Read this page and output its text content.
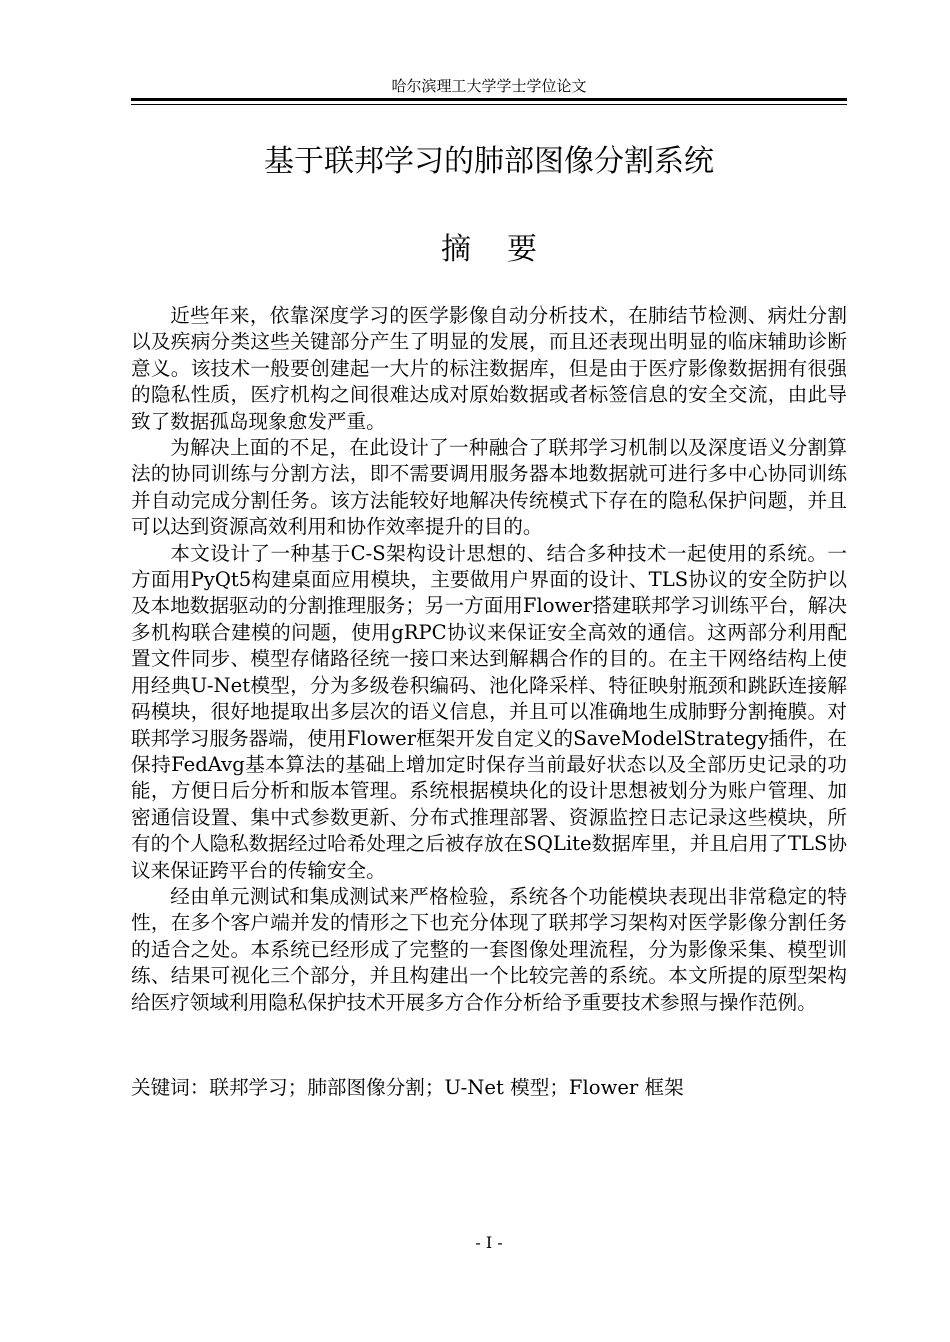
哈尔滨理工大学学士学位论文
基于联邦学习的肺部图像分割系统
摘要

近些年来，依靠深度学习的医学影像自动分析技术，在肺结节检测、病灶分割以及疾病分类这些关键部分产生了明显的发展，而且还表现出明显的临床辅助诊断意义。该技术一般要创建起一大片的标注数据库，但是由于医疗影像数据拥有很强的隐私性质，医疗机构之间很难达成对原始数据或者标签信息的安全交流，由此导致了数据孤岛现象愈发严重。

为解决上面的不足，在此设计了一种融合了联邦学习机制以及深度语义分割算法的协同训练与分割方法，即不需要调用服务器本地数据就可进行多中心协同训练并自动完成分割任务。该方法能较好地解决传统模式下存在的隐私保护问题，并且可以达到资源高效利用和协作效率提升的目的。

本文设计了一种基于C-S架构设计思想的、结合多种技术一起使用的系统。一方面用PyQt5构建桌面应用模块，主要做用户界面的设计、TLS协议的安全防护以及本地数据驱动的分割推理服务；另一方面用Flower搭建联邦学习训练平台，解决多机构联合建模的问题，使用gRPC协议来保证安全高效的通信。这两部分利用配置文件同步、模型存储路径统一接口来达到解耦合作的目的。在主干网络结构上使用经典U-Net模型，分为多级卷积编码、池化降采样、特征映射瓶颈和跳跃连接解码模块，很好地提取出多层次的语义信息，并且可以准确地生成肺野分割掩膜。对联邦学习服务器端，使用Flower框架开发自定义的SaveModelStrategy插件，在保持FedAvg基本算法的基础上增加定时保存当前最好状态以及全部历史记录的功能，方便日后分析和版本管理。系统根据模块化的设计思想被划分为账户管理、加密通信设置、集中式参数更新、分布式推理部署、资源监控日志记录这些模块，所有的个人隐私数据经过哈希处理之后被存放在SQLite数据库里，并且启用了TLS协议来保证跨平台的传输安全。

经由单元测试和集成测试来严格检验，系统各个功能模块表现出非常稳定的特性，在多个客户端并发的情形之下也充分体现了联邦学习架构对医学影像分割任务的适合之处。本系统已经形成了完整的一套图像处理流程，分为影像采集、模型训练、结果可视化三个部分，并且构建出一个比较完善的系统。本文所提的原型架构给医疗领域利用隐私保护技术开展多方合作分析给予重要技术参照与操作范例。

关键词：联邦学习；肺部图像分割；U-Net 模型；Flower 框架
- I -
